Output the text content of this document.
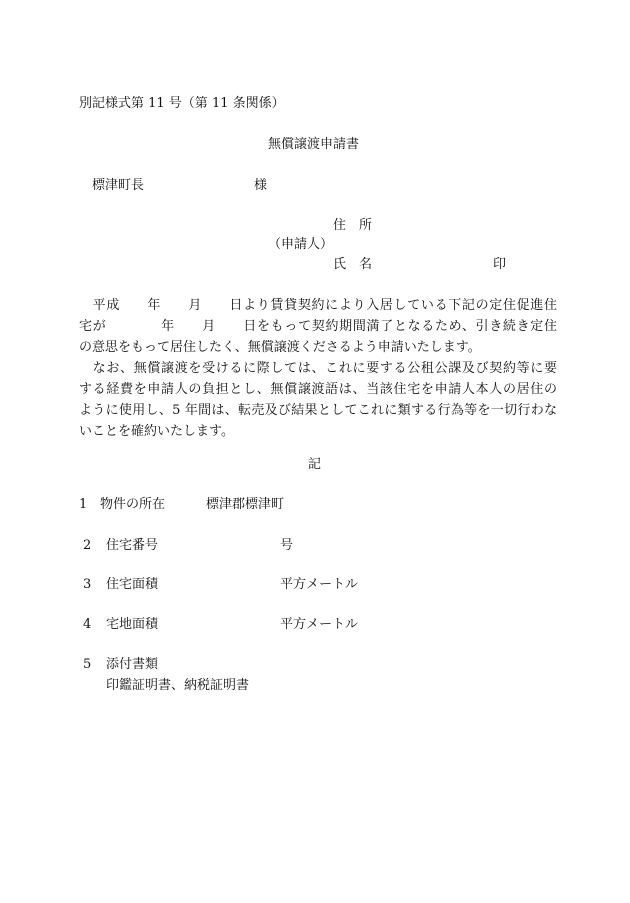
別記様式第 11 号（第 11 条関係）
無償譲渡申請書
標津町長	様
住　所
（申請人）
氏　名	印

　平成　　年　　月　　日より賃貸契約により入居している下記の定住促進住

宅が　　　　年　　月　　日をもって契約期間満了となるため、引き続き定住

の意思をもって居住したく、無償譲渡くださるよう申請いたします。

　なお、無償譲渡を受けるに際しては、これに要する公租公課及び契約等に要

する経費を申請人の負担とし、無償譲渡語は、当該住宅を申請人本人の居住の

ように使用し、5 年間は、転売及び結果としてこれに類する行為等を一切行わな

いことを確約いたします。

記
1 物件の所在	標津郡標津町
2 住宅番号	号
3 住宅面積	平方メートル
4 宅地面積	平方メートル
5 添付書類
印鑑証明書、納税証明書
